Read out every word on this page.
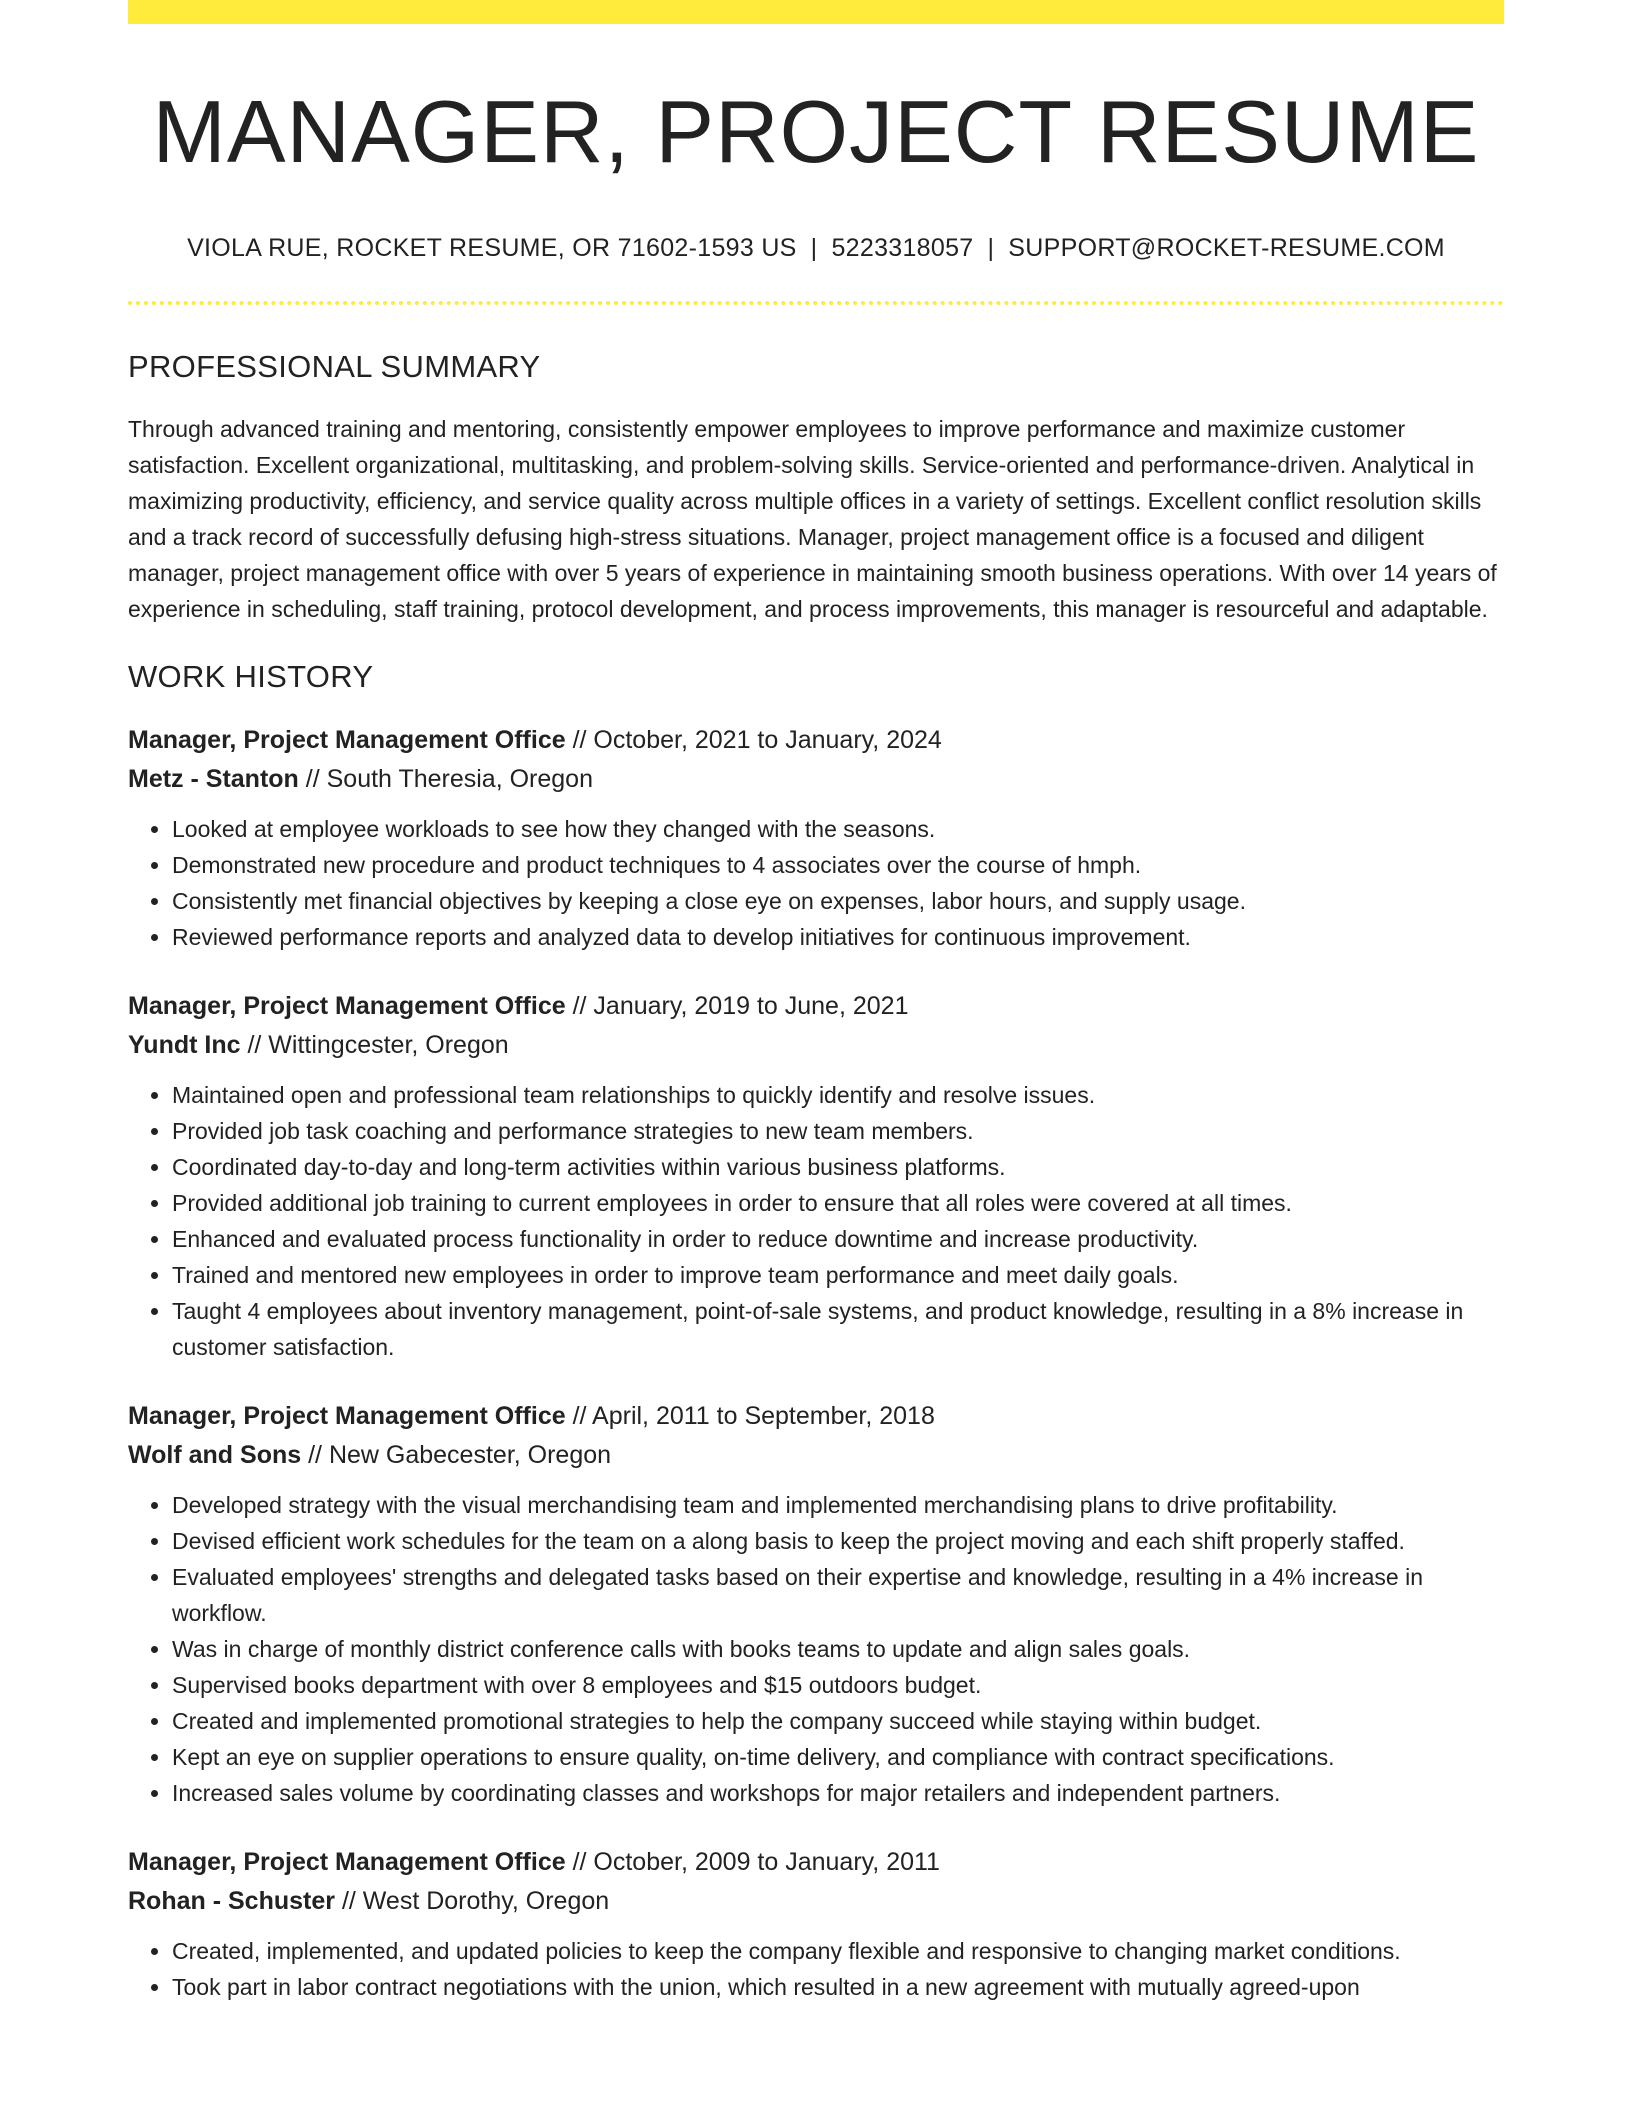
MANAGER, PROJECT RESUME
VIOLA RUE, ROCKET RESUME, OR 71602-1593 US | 5223318057 | SUPPORT@ROCKET-RESUME.COM
PROFESSIONAL SUMMARY

Through advanced training and mentoring, consistently empower employees to improve performance and maximize customer satisfaction. Excellent organizational, multitasking, and problem-solving skills. Service-oriented and performance-driven. Analytical in maximizing productivity, efficiency, and service quality across multiple offices in a variety of settings. Excellent conflict resolution skills and a track record of successfully defusing high-stress situations. Manager, project management office is a focused and diligent manager, project management office with over 5 years of experience in maintaining smooth business operations. With over 14 years of experience in scheduling, staff training, protocol development, and process improvements, this manager is resourceful and adaptable.

WORK HISTORY
Manager, Project Management Office // October, 2021 to January, 2024
Metz - Stanton // South Theresia, Oregon
• Looked at employee workloads to see how they changed with the seasons.
• Demonstrated new procedure and product techniques to 4 associates over the course of hmph.
• Consistently met financial objectives by keeping a close eye on expenses, labor hours, and supply usage.
• Reviewed performance reports and analyzed data to develop initiatives for continuous improvement.
Manager, Project Management Office // January, 2019 to June, 2021
Yundt Inc // Wittingcester, Oregon
• Maintained open and professional team relationships to quickly identify and resolve issues.
• Provided job task coaching and performance strategies to new team members.
• Coordinated day-to-day and long-term activities within various business platforms.
• Provided additional job training to current employees in order to ensure that all roles were covered at all times.
• Enhanced and evaluated process functionality in order to reduce downtime and increase productivity.
• Trained and mentored new employees in order to improve team performance and meet daily goals.
• Taught 4 employees about inventory management, point-of-sale systems, and product knowledge, resulting in a 8% increase in customer satisfaction.
Manager, Project Management Office // April, 2011 to September, 2018
Wolf and Sons // New Gabecester, Oregon
• Developed strategy with the visual merchandising team and implemented merchandising plans to drive profitability.
• Devised efficient work schedules for the team on a along basis to keep the project moving and each shift properly staffed.
• Evaluated employees' strengths and delegated tasks based on their expertise and knowledge, resulting in a 4% increase in workflow.
• Was in charge of monthly district conference calls with books teams to update and align sales goals.
• Supervised books department with over 8 employees and $15 outdoors budget.
• Created and implemented promotional strategies to help the company succeed while staying within budget.
• Kept an eye on supplier operations to ensure quality, on-time delivery, and compliance with contract specifications.
• Increased sales volume by coordinating classes and workshops for major retailers and independent partners.
Manager, Project Management Office // October, 2009 to January, 2011
Rohan - Schuster // West Dorothy, Oregon
• Created, implemented, and updated policies to keep the company flexible and responsive to changing market conditions.
• Took part in labor contract negotiations with the union, which resulted in a new agreement with mutually agreed-upon
